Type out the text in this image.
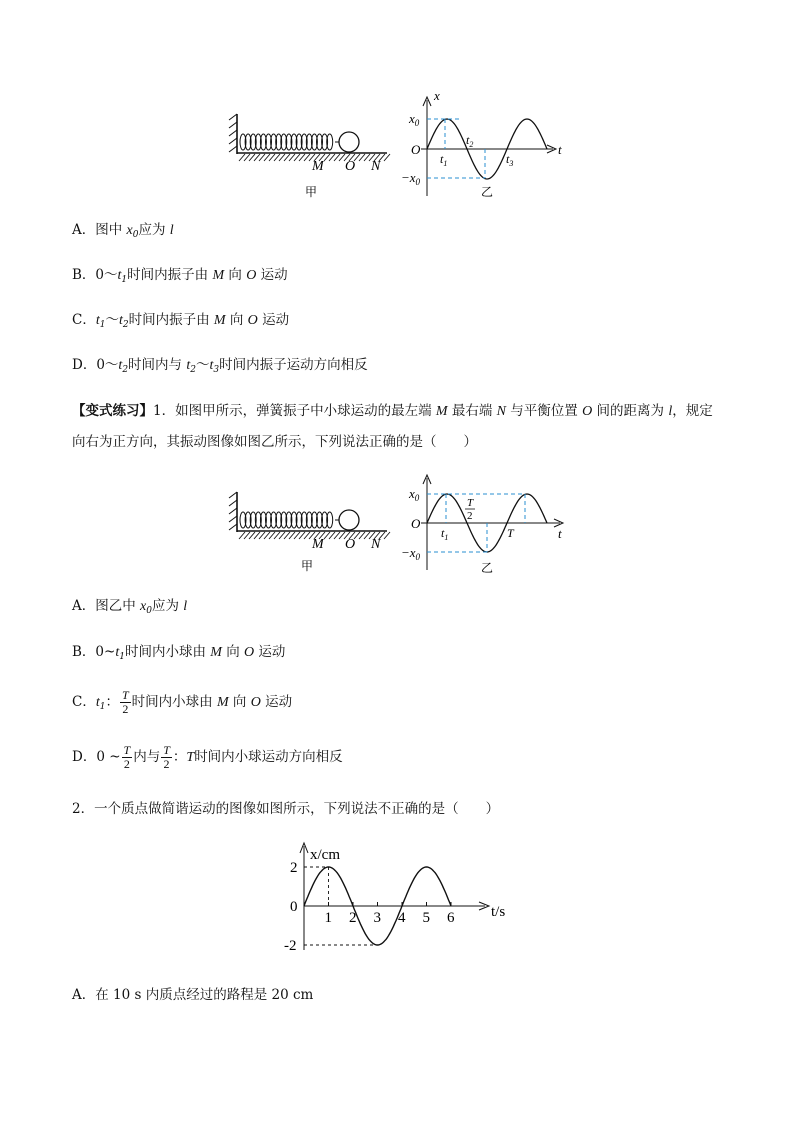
M O N
甲
x
t
O
$x_0$
$-x_0$
$t_1$
$t_2$
$t_3$
乙
A．图中 $x_0$应为 l
B．$0\sim t_1$时间内振子由 M 向 O 运动
C．$t_1\sim t_2$时间内振子由 M 向 O 运动
D．$0\sim t_2$时间内与 $t_2\sim t_3$时间内振子运动方向相反
【变式练习】1．如图甲所示，弹簧振子中小球运动的最左端 M 最右端 N 与平衡位置 O 间的距离为 l，规定
向右为正方向，其振动图像如图乙所示，下列说法正确的是（　　）
M O N
甲
$x_0$
$-x_0$
O
t
$t_1$	T
T
2
乙
A．图乙中 $x_0$应为 l
B．$0\sim t_1$时间内小球由 M 向 O 运动
C．$t_1$： $\frac{T}{2}$ 时间内小球由 M 向 O 运动
D．0 ~ $\frac{T}{2}$ 内与 $\frac{T}{2}$ ：T时间内小球运动方向相反
2．一个质点做简谐运动的图像如图所示，下列说法不正确的是（　　）
x/cm
t/s
1 2 3 4 5 6
2
0
-2
A．在 10 s 内质点经过的路程是 20 cm
